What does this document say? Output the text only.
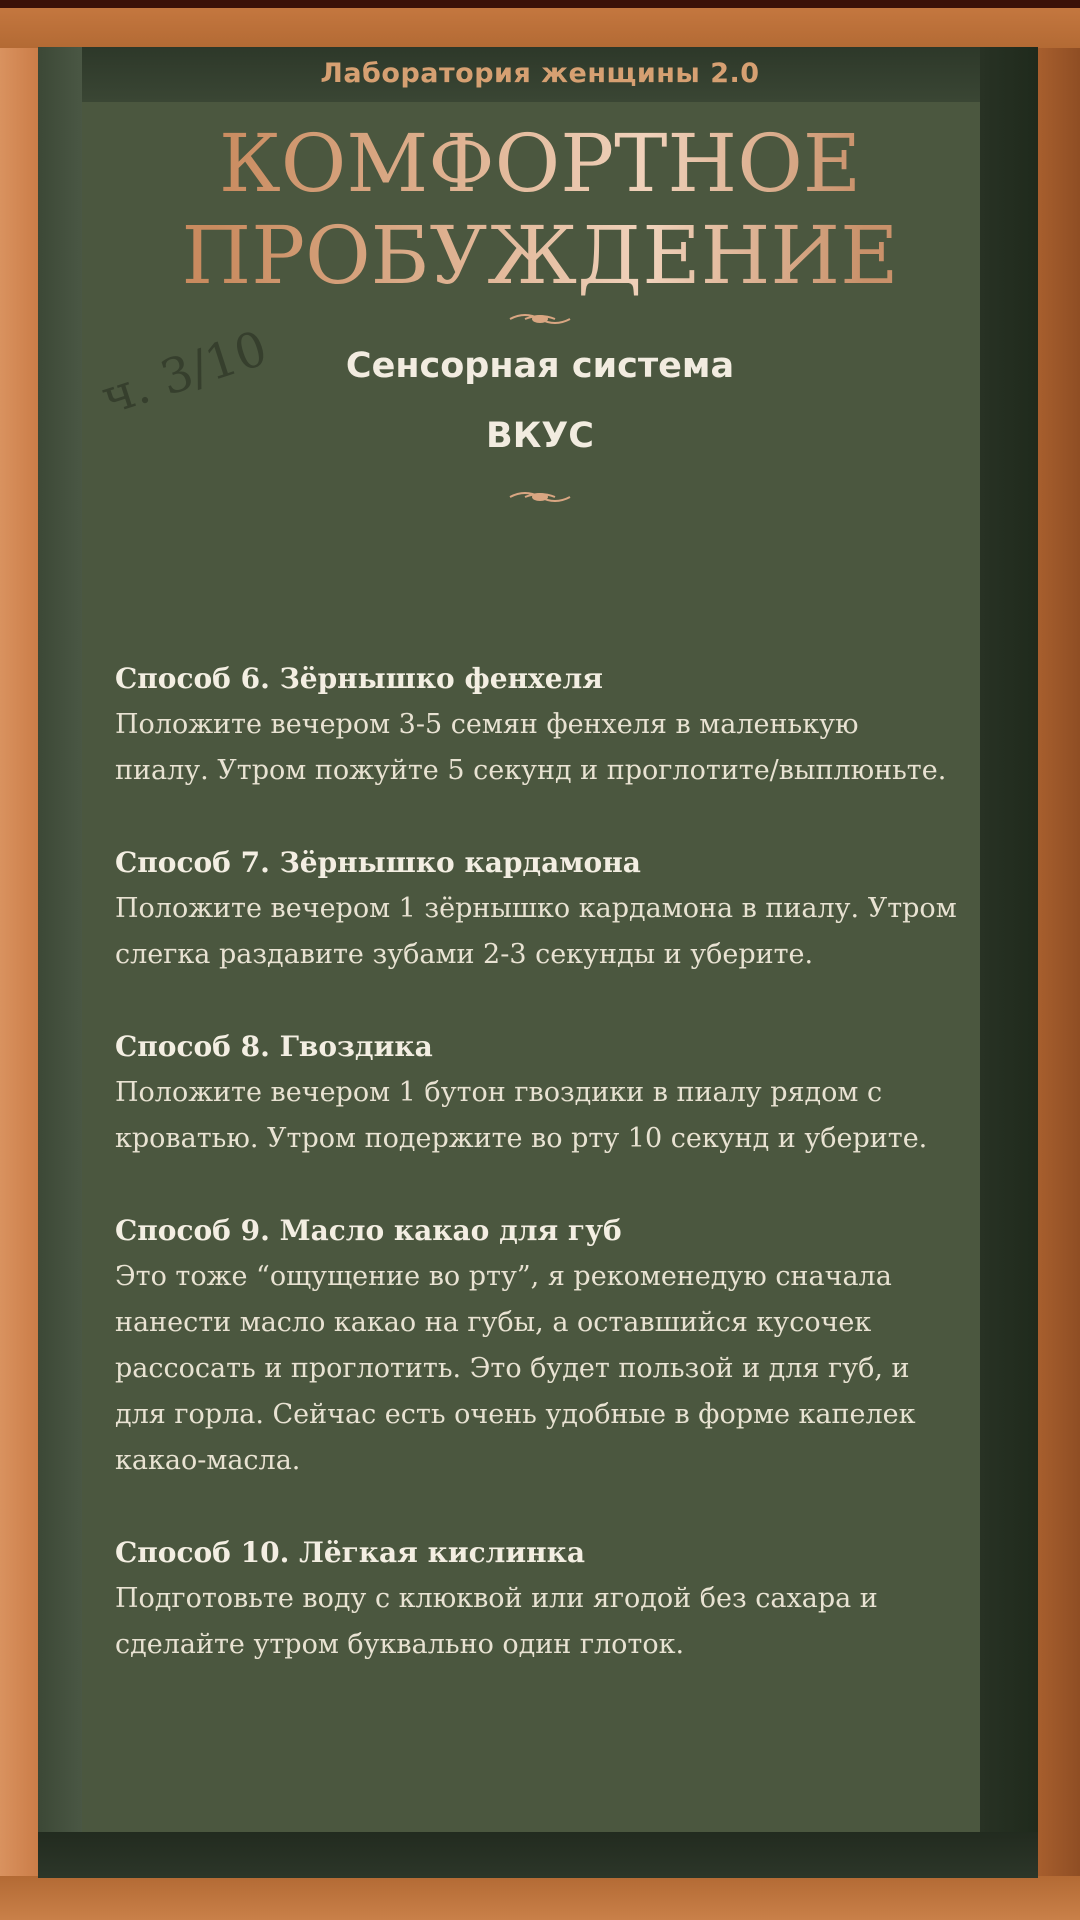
Лаборатория женщины 2.0
КОМФОРТНОЕ
ПРОБУЖДЕНИЕ
ч. 3/10	Сенсорная система
ВКУС
Способ 6. Зёрнышко фенхеля
Положите вечером 3-5 семян фенхеля в маленькую
пиалу. Утром пожуйте 5 секунд и проглотите/выплюньте.
Способ 7. Зёрнышко кардамона
Положите вечером 1 зёрнышко кардамона в пиалу. Утром
слегка раздавите зубами 2-3 секунды и уберите.
Способ 8. Гвоздика
Положите вечером 1 бутон гвоздики в пиалу рядом с
кроватью. Утром подержите во рту 10 секунд и уберите.
Способ 9. Масло какао для губ
Это тоже “ощущение во рту”, я рекоменедую сначала
нанести масло какао на губы, а оставшийся кусочек
рассосать и проглотить. Это будет пользой и для губ, и
для горла. Сейчас есть очень удобные в форме капелек
какао-масла.
Способ 10. Лёгкая кислинка
Подготовьте воду с клюквой или ягодой без сахара и
сделайте утром буквально один глоток.
